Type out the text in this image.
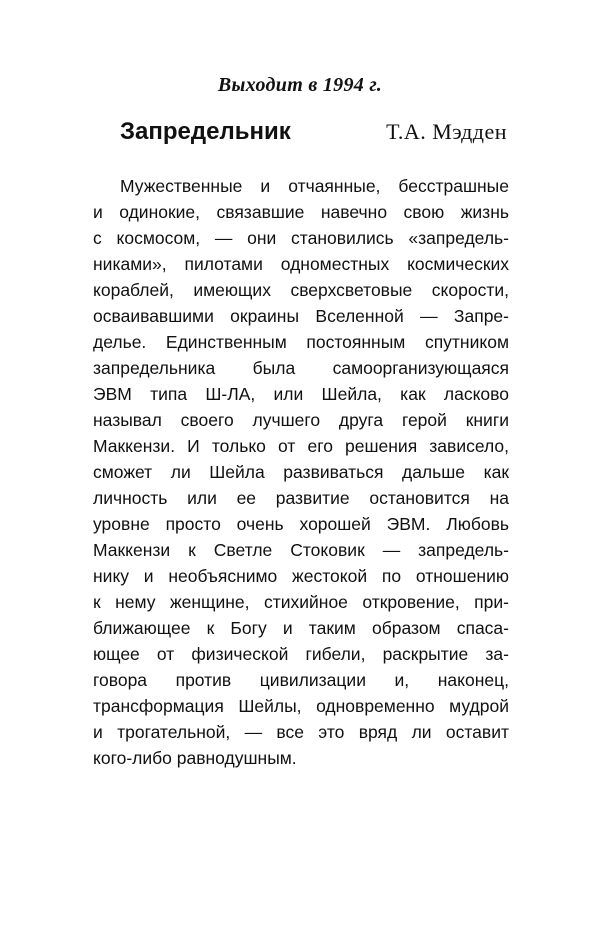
Выходит в 1994 г.
Запредельник	Т.А. Мэдден
Мужественные и отчаянные, бесстрашные
и одинокие, связавшие навечно свою жизнь
с космосом, — они становились «запредель-
никами», пилотами одноместных космических
кораблей, имеющих сверхсветовые скорости,
осваивавшими окраины Вселенной — Запре-
делье. Единственным постоянным спутником
запредельника была самоорганизующаяся
ЭВМ типа Ш-ЛА, или Шейла, как ласково
называл своего лучшего друга герой книги
Маккензи. И только от его решения зависело,
сможет ли Шейла развиваться дальше как
личность или ее развитие остановится на
уровне просто очень хорошей ЭВМ. Любовь
Маккензи к Светле Стоковик — запредель-
нику и необъяснимо жестокой по отношению
к нему женщине, стихийное откровение, при-
ближающее к Богу и таким образом спаса-
ющее от физической гибели, раскрытие за-
говора против цивилизации и, наконец,
трансформация Шейлы, одновременно мудрой
и трогательной, — все это вряд ли оставит
кого-либо равнодушным.
